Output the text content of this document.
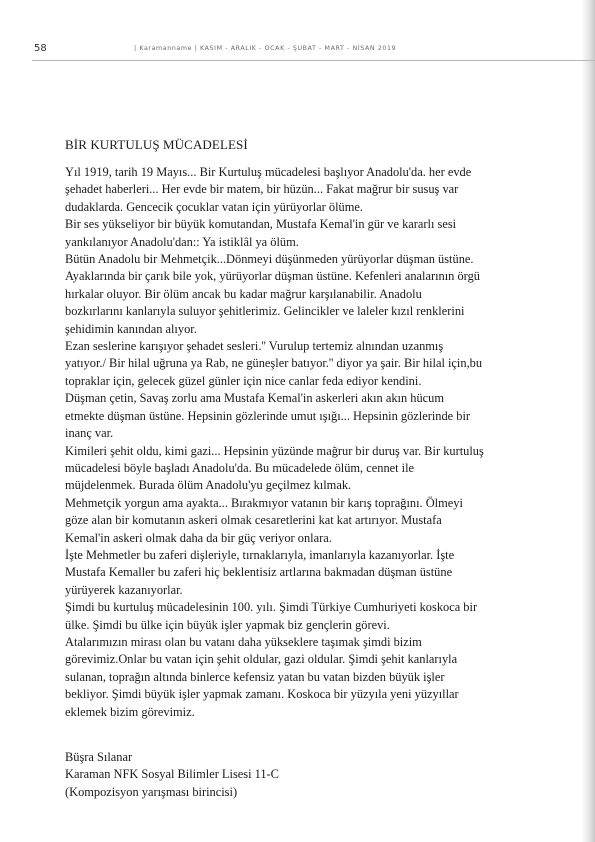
58	| Karamanname | KASIM - ARALIK - OCAK - ŞUBAT - MART - NİSAN 2019
BİR KURTULUŞ MÜCADELESİ
Yıl 1919, tarih 19 Mayıs... Bir Kurtuluş mücadelesi başlıyor Anadolu'da. her evde
şehadet haberleri... Her evde bir matem, bir hüzün... Fakat mağrur bir susuş var
dudaklarda. Gencecik çocuklar vatan için yürüyorlar ölüme.
Bir ses yükseliyor bir büyük komutandan, Mustafa Kemal'in gür ve kararlı sesi
yankılanıyor Anadolu'dan:: Ya istiklâl ya ölüm.
Bütün Anadolu bir Mehmetçik...Dönmeyi düşünmeden yürüyorlar düşman üstüne.
Ayaklarında bir çarık bile yok, yürüyorlar düşman üstüne. Kefenleri analarının örgü
hırkalar oluyor. Bir ölüm ancak bu kadar mağrur karşılanabilir. Anadolu
bozkırlarını kanlarıyla suluyor şehitlerimiz. Gelincikler ve laleler kızıl renklerini
şehidimin kanından alıyor.
Ezan seslerine karışıyor şehadet sesleri.'' Vurulup tertemiz alnından uzanmış
yatıyor./ Bir hilal uğruna ya Rab, ne güneşler batıyor.'' diyor ya şair. Bir hilal için,bu
topraklar için, gelecek güzel günler için nice canlar feda ediyor kendini.
Düşman çetin, Savaş zorlu ama Mustafa Kemal'in askerleri akın akın hücum
etmekte düşman üstüne. Hepsinin gözlerinde umut ışığı... Hepsinin gözlerinde bir
inanç var.
Kimileri şehit oldu, kimi gazi... Hepsinin yüzünde mağrur bir duruş var. Bir kurtuluş
mücadelesi böyle başladı Anadolu'da. Bu mücadelede ölüm, cennet ile
müjdelenmek. Burada ölüm Anadolu'yu geçilmez kılmak.
Mehmetçik yorgun ama ayakta... Bırakmıyor vatanın bir karış toprağını. Ölmeyi
göze alan bir komutanın askeri olmak cesaretlerini kat kat artırıyor. Mustafa
Kemal'in askeri olmak daha da bir güç veriyor onlara.
İşte Mehmetler bu zaferi dişleriyle, tırnaklarıyla, imanlarıyla kazanıyorlar. İşte
Mustafa Kemaller bu zaferi hiç beklentisiz artlarına bakmadan düşman üstüne
yürüyerek kazanıyorlar.
Şimdi bu kurtuluş mücadelesinin 100. yılı. Şimdi Türkiye Cumhuriyeti koskoca bir
ülke. Şimdi bu ülke için büyük işler yapmak biz gençlerin görevi.
Atalarımızın mirası olan bu vatanı daha yükseklere taşımak şimdi bizim
görevimiz.Onlar bu vatan için şehit oldular, gazi oldular. Şimdi şehit kanlarıyla
sulanan, toprağın altında binlerce kefensiz yatan bu vatan bizden büyük işler
bekliyor. Şimdi büyük işler yapmak zamanı. Koskoca bir yüzyıla yeni yüzyıllar
eklemek bizim görevimiz.
Büşra Sılanar
Karaman NFK Sosyal Bilimler Lisesi 11-C
(Kompozisyon yarışması birincisi)
